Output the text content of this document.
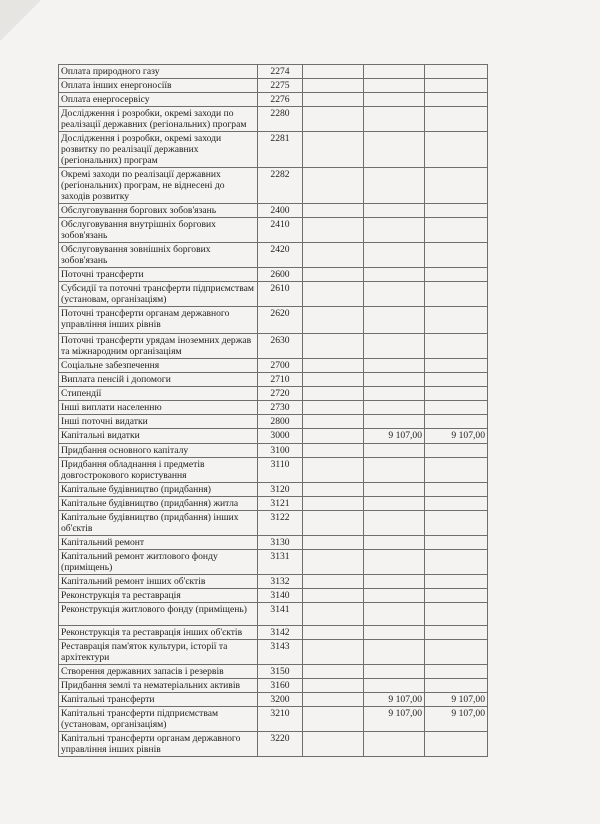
Оплата природного газу	2274			
Оплата інших енергоносіїв	2275			
Оплата енергосервісу	2276			
Дослідження і розробки, окремі заходи по реалізації державних (регіональних) програм	2280			
Дослідження і розробки, окремі заходи розвитку по реалізації державних (регіональних) програм	2281			
Окремі заходи по реалізації державних (регіональних) програм, не віднесені до заходів розвитку	2282			
Обслуговування боргових зобов'язань	2400			
Обслуговування внутрішніх боргових зобов'язань	2410			
Обслуговування зовнішніх боргових зобов'язань	2420			
Поточні трансферти	2600			
Субсидії та поточні трансферти підприємствам (установам, організаціям)	2610			
Поточні трансферти органам державного управління інших рівнів	2620			
Поточні трансферти урядам іноземних держав та міжнародним організаціям	2630			
Соціальне забезпечення	2700			
Виплата пенсій і допомоги	2710			
Стипендії	2720			
Інші виплати населенню	2730			
Інші поточні видатки	2800			
Капітальні видатки	3000		9 107,00	9 107,00
Придбання основного капіталу	3100			
Придбання обладнання і предметів довгострокового користування	3110			
Капітальне будівництво (придбання)	3120			
Капітальне будівництво (придбання) житла	3121			
Капітальне будівництво (придбання) інших об'єктів	3122			
Капітальний ремонт	3130			
Капітальний ремонт житлового фонду (приміщень)	3131			
Капітальний ремонт інших об'єктів	3132			
Реконструкція та реставрація	3140			
Реконструкція житлового фонду (приміщень)	3141			
Реконструкція та реставрація інших об'єктів	3142			
Реставрація пам'яток культури, історії та архітектури	3143			
Створення державних запасів і резервів	3150			
Придбання землі та нематеріальних активів	3160			
Капітальні трансферти	3200		9 107,00	9 107,00
Капітальні трансферти підприємствам (установам, організаціям)	3210		9 107,00	9 107,00
Капітальні трансферти органам державного управління інших рівнів	3220			
